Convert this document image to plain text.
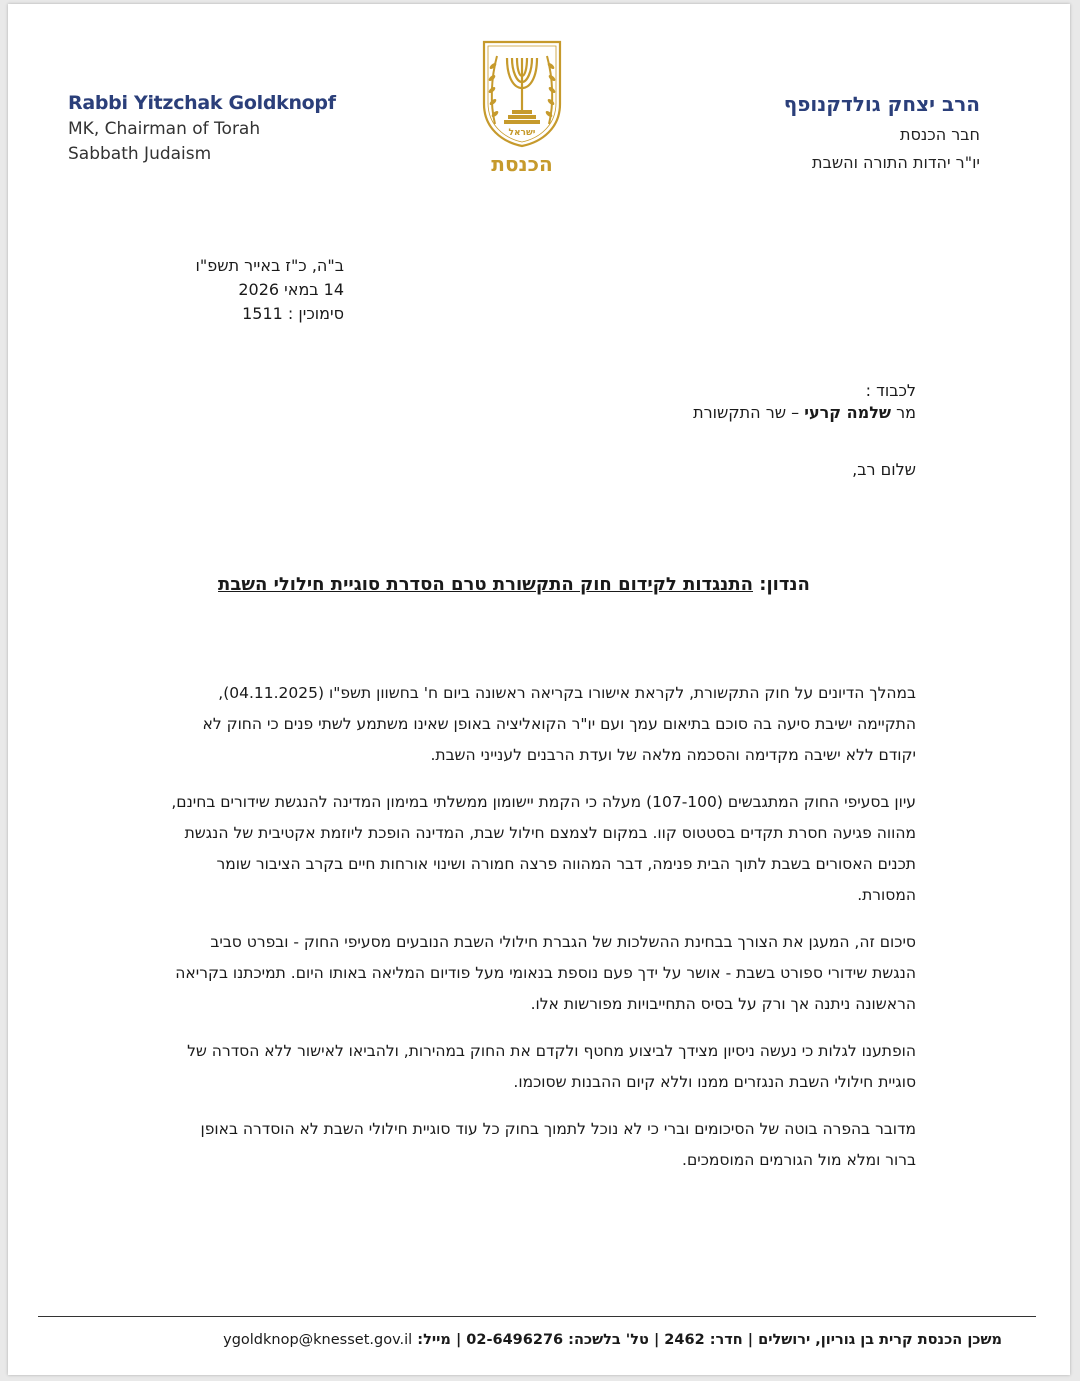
Rabbi Yitzchak Goldknopf
MK, Chairman of Torah
Sabbath Judaism
ישראל
הכנסת
הרב יצחק גולדקנופף
חבר הכנסת
יו"ר יהדות התורה והשבת
ב"ה, כ"ז באייר תשפ"ו
14 במאי 2026
סימוכין : 1511
לכבוד :
מר שלמה קרעי – שר התקשורת
שלום רב,
הנדון: התנגדות לקידום חוק התקשורת טרם הסדרת סוגיית חילולי השבת

במהלך הדיונים על חוק התקשורת, לקראת אישורו בקריאה ראשונה ביום ח' בחשוון תשפ"ו (04.11.2025), התקיימה ישיבת סיעה בה סוכם בתיאום עמך ועם יו"ר הקואליציה באופן שאינו משתמע לשתי פנים כי החוק לא יקודם ללא ישיבה מקדימה והסכמה מלאה של ועדת הרבנים לענייני השבת.

עיון בסעיפי החוק המתגבשים (107-100) מעלה כי הקמת יישומון ממשלתי במימון המדינה להנגשת שידורים בחינם, מהווה פגיעה חסרת תקדים בסטטוס קוו. במקום לצמצם חילול שבת, המדינה הופכת ליוזמת אקטיבית של הנגשת תכנים האסורים בשבת לתוך הבית פנימה, דבר המהווה פרצה חמורה ושינוי אורחות חיים בקרב הציבור שומר המסורת.

סיכום זה, המעגן את הצורך בבחינת ההשלכות של הגברת חילולי השבת הנובעים מסעיפי החוק - ובפרט סביב הנגשת שידורי ספורט בשבת - אושר על ידך פעם נוספת בנאומי מעל פודיום המליאה באותו היום. תמיכתנו בקריאה הראשונה ניתנה אך ורק על בסיס התחייבויות מפורשות אלו.

הופתענו לגלות כי נעשה ניסיון מצידך לביצוע מחטף ולקדם את החוק במהירות, ולהביאו לאישור ללא הסדרה של סוגיית חילולי השבת הנגזרים ממנו וללא קיום ההבנות שסוכמו.

מדובר בהפרה בוטה של הסיכומים וברי כי לא נוכל לתמוך בחוק כל עוד סוגיית חילולי השבת לא הוסדרה באופן ברור ומלא מול הגורמים המוסמכים.

משכן הכנסת קרית בן גוריון, ירושלים | חדר: 2462 | טל' בלשכה: 02-6496276 | מייל: ygoldknop@knesset.gov.il
